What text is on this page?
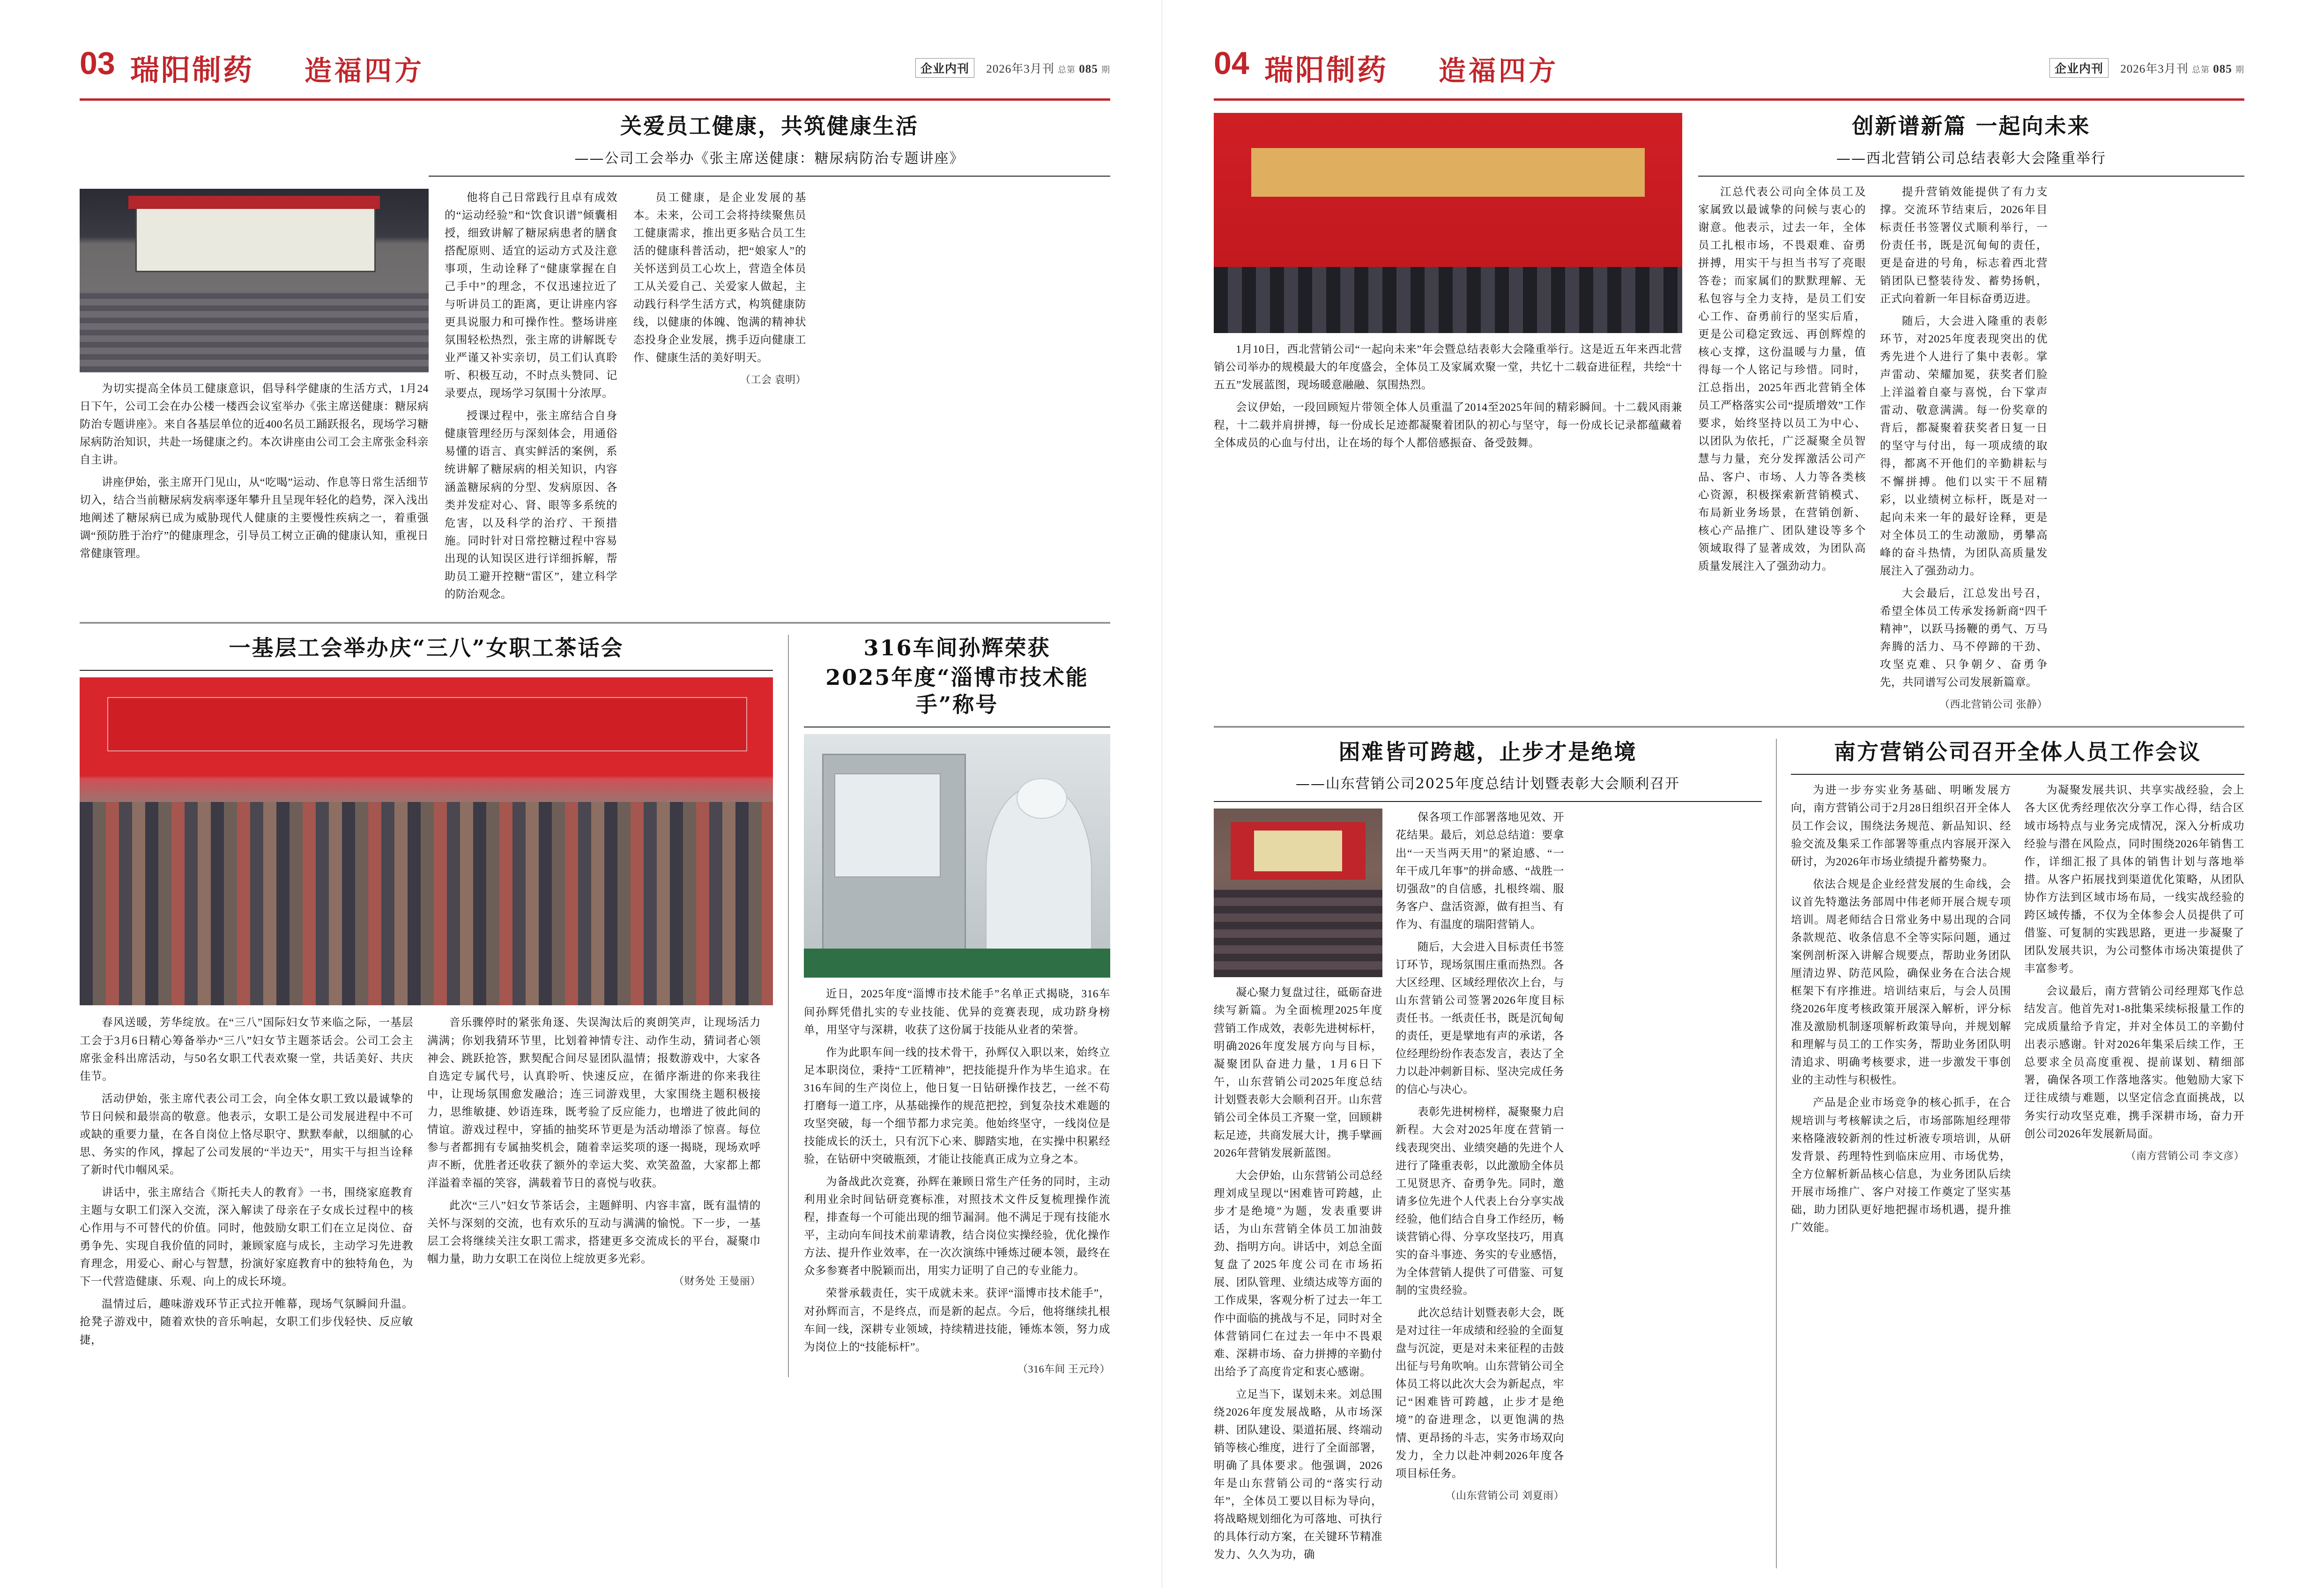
03 瑞阳制药 造福四方	企业内刊 2026年3月刊 总第 085 期
关爱员工健康，共筑健康生活
——公司工会举办《张主席送健康：糖尿病防治专题讲座》

为切实提高全体员工健康意识，倡导科学健康的生活方式，1月24日下午，公司工会在办公楼一楼西会议室举办《张主席送健康：糖尿病防治专题讲座》。来自各基层单位的近400名员工踊跃报名，现场学习糖尿病防治知识，共赴一场健康之约。本次讲座由公司工会主席张金科亲自主讲。

讲座伊始，张主席开门见山，从“吃喝”运动、作息等日常生活细节切入，结合当前糖尿病发病率逐年攀升且呈现年轻化的趋势，深入浅出地阐述了糖尿病已成为威胁现代人健康的主要慢性疾病之一，着重强调“预防胜于治疗”的健康理念，引导员工树立正确的健康认知，重视日常健康管理。

他将自己日常践行且卓有成效的“运动经验”和“饮食识谱”倾囊相授，细致讲解了糖尿病患者的膳食搭配原则、适宜的运动方式及注意事项，生动诠释了“健康掌握在自己手中”的理念，不仅迅速拉近了与听讲员工的距离，更让讲座内容更具说服力和可操作性。整场讲座氛围轻松热烈，张主席的讲解既专业严谨又补实亲切，员工们认真聆听、积极互动，不时点头赞同、记录要点，现场学习氛围十分浓厚。

授课过程中，张主席结合自身健康管理经历与深刻体会，用通俗易懂的语言、真实鲜活的案例，系统讲解了糖尿病的相关知识，内容涵盖糖尿病的分型、发病原因、各类并发症对心、肾、眼等多系统的危害，以及科学的治疗、干预措施。同时针对日常控糖过程中容易出现的认知误区进行详细拆解，帮助员工避开控糖“雷区”，建立科学的防治观念。

员工健康，是企业发展的基本。未来，公司工会将持续聚焦员工健康需求，推出更多贴合员工生活的健康科普活动，把“娘家人”的关怀送到员工心坎上，营造全体员工从关爱自己、关爱家人做起，主动践行科学生活方式，构筑健康防线，以健康的体魄、饱满的精神状态投身企业发展，携手迈向健康工作、健康生活的美好明天。

（工会 袁明）
一基层工会举办庆“三八”女职工茶话会

春风送暖，芳华绽放。在“三八”国际妇女节来临之际，一基层工会于3月6日精心筹备举办“三八”妇女节主题茶话会。公司工会主席张金科出席活动，与50名女职工代表欢聚一堂，共话美好、共庆佳节。

活动伊始，张主席代表公司工会，向全体女职工致以最诚挚的节日问候和最崇高的敬意。他表示，女职工是公司发展进程中不可或缺的重要力量，在各自岗位上恪尽职守、默默奉献，以细腻的心思、务实的作风，撑起了公司发展的“半边天”，用实干与担当诠释了新时代巾帼风采。

讲话中，张主席结合《斯托夫人的教育》一书，围绕家庭教育主题与女职工们深入交流，深入解读了母亲在子女成长过程中的核心作用与不可替代的价值。同时，他鼓励女职工们在立足岗位、奋勇争先、实现自我价值的同时，兼顾家庭与成长，主动学习先进教育理念，用爱心、耐心与智慧，扮演好家庭教育中的独特角色，为下一代营造健康、乐观、向上的成长环境。

温情过后，趣味游戏环节正式拉开帷幕，现场气氛瞬间升温。抢凳子游戏中，随着欢快的音乐响起，女职工们步伐轻快、反应敏捷，

音乐骤停时的紧张角逐、失误淘汰后的爽朗笑声，让现场活力满满；你划我猜环节里，比划着神情专注、动作生动，猜词者心领神会、跳跃抢答，默契配合间尽显团队温情；报数游戏中，大家各自选定专属代号，认真聆听、快速反应，在循序渐进的你来我往中，让现场氛围愈发融洽；连三词游戏里，大家围绕主题积极接力，思维敏捷、妙语连珠，既考验了反应能力，也增进了彼此间的情谊。游戏过程中，穿插的抽奖环节更是为活动增添了惊喜。每位参与者都拥有专属抽奖机会，随着幸运奖项的逐一揭晓，现场欢呼声不断，优胜者还收获了额外的幸运大奖、欢笑盈盈，大家都上都洋溢着幸福的笑容，满载着节日的喜悦与收获。

此次“三八”妇女节茶话会，主题鲜明、内容丰富，既有温情的关怀与深刻的交流，也有欢乐的互动与满满的愉悦。下一步，一基层工会将继续关注女职工需求，搭建更多交流成长的平台，凝聚巾帼力量，助力女职工在岗位上绽放更多光彩。

（财务处 王曼丽）
316车间孙辉荣获
2025年度“淄博市技术能手”称号

近日，2025年度“淄博市技术能手”名单正式揭晓，316车间孙辉凭借扎实的专业技能、优异的竞赛表现，成功跻身榜单，用坚守与深耕，收获了这份属于技能从业者的荣誉。

作为此职车间一线的技术骨干，孙辉仅入职以来，始终立足本职岗位，秉持“工匠精神”，把技能提升作为毕生追求。在316车间的生产岗位上，他日复一日钻研操作技艺，一丝不苟打磨每一道工序，从基础操作的规范把控，到复杂技术难题的攻坚突破，每一个细节都力求完美。他始终坚守，一线岗位是技能成长的沃土，只有沉下心来、脚踏实地，在实操中积累经验，在钻研中突破瓶颈，才能让技能真正成为立身之本。

为备战此次竞赛，孙辉在兼顾日常生产任务的同时，主动利用业余时间钻研竞赛标准，对照技术文件反复梳理操作流程，排查每一个可能出现的细节漏洞。他不满足于现有技能水平，主动向车间技术前辈请教，结合岗位实操经验，优化操作方法、提升作业效率，在一次次演练中锤炼过硬本领，最终在众多参赛者中脱颖而出，用实力证明了自己的专业能力。

荣誉承载责任，实干成就未来。获评“淄博市技术能手”，对孙辉而言，不是终点，而是新的起点。今后，他将继续扎根车间一线，深耕专业领域，持续精进技能，锤炼本领，努力成为岗位上的“技能标杆”。

（316车间 王元玲）
04 瑞阳制药 造福四方	企业内刊 2026年3月刊 总第 085 期

1月10日，西北营销公司“一起向未来”年会暨总结表彰大会隆重举行。这是近五年来西北营销公司举办的规模最大的年度盛会，全体员工及家属欢聚一堂，共忆十二载奋进征程，共绘“十五五”发展蓝图，现场暖意融融、氛围热烈。

会议伊始，一段回顾短片带领全体人员重温了2014至2025年间的精彩瞬间。十二载风雨兼程，十二载并肩拼搏，每一份成长足迹都凝聚着团队的初心与坚守，每一份成长记录都蕴藏着全体成员的心血与付出，让在场的每个人都倍感振奋、备受鼓舞。

创新谱新篇 一起向未来
——西北营销公司总结表彰大会隆重举行

江总代表公司向全体员工及家属致以最诚挚的问候与衷心的谢意。他表示，过去一年，全体员工扎根市场，不畏艰难、奋勇拼搏，用实干与担当书写了亮眼答卷；而家属们的默默理解、无私包容与全力支持，是员工们安心工作、奋勇前行的坚实后盾，更是公司稳定致远、再创辉煌的核心支撑，这份温暖与力量，值得每一个人铭记与珍惜。同时，江总指出，2025年西北营销全体员工严格落实公司“提质增效”工作要求，始终坚持以员工为中心、以团队为依托，广泛凝聚全员智慧与力量，充分发挥激活公司产品、客户、市场、人力等各类核心资源，积极探索新营销模式、布局新业务场景，在营销创新、核心产品推广、团队建设等多个领域取得了显著成效，为团队高质量发展注入了强劲动力。

提升营销效能提供了有力支撑。交流环节结束后，2026年目标责任书签署仪式顺利举行，一份责任书，既是沉甸甸的责任，更是奋进的号角，标志着西北营销团队已整装待发、蓄势扬帆，正式向着新一年目标奋勇迈进。

随后，大会进入隆重的表彰环节，对2025年度表现突出的优秀先进个人进行了集中表彰。掌声雷动、荣耀加冕，获奖者们脸上洋溢着自豪与喜悦，台下掌声雷动、敬意满满。每一份奖章的背后，都凝聚着获奖者日复一日的坚守与付出，每一项成绩的取得，都离不开他们的辛勤耕耘与不懈拼搏。他们以实干不屈精彩，以业绩树立标杆，既是对一起向未来一年的最好诠释，更是对全体员工的生动激励，勇攀高峰的奋斗热情，为团队高质量发展注入了强劲动力。

大会最后，江总发出号召，希望全体员工传承发扬新商“四千精神”，以跃马扬鞭的勇气、万马奔腾的活力、马不停蹄的干劲、攻坚克难、只争朝夕、奋勇争先，共同谱写公司发展新篇章。

（西北营销公司 张静）
困难皆可跨越，止步才是绝境
——山东营销公司2025年度总结计划暨表彰大会顺利召开

凝心聚力复盘过往，砥砺奋进续写新篇。为全面梳理2025年度营销工作成效，表彰先进树标杆，明确2026年度发展方向与目标，凝聚团队奋进力量，1月6日下午，山东营销公司2025年度总结计划暨表彰大会顺利召开。山东营销公司全体员工齐聚一堂，回顾耕耘足迹，共商发展大计，携手擘画2026年营销发展新蓝图。

大会伊始，山东营销公司总经理刘成呈现以“困难皆可跨越，止步才是绝境”为题，发表重要讲话，为山东营销全体员工加油鼓劲、指明方向。讲话中，刘总全面复盘了2025年度公司在市场拓展、团队管理、业绩达成等方面的工作成果，客观分析了过去一年工作中面临的挑战与不足，同时对全体营销同仁在过去一年中不畏艰难、深耕市场、奋力拼搏的辛勤付出给予了高度肯定和衷心感谢。

立足当下，谋划未来。刘总围绕2026年度发展战略，从市场深耕、团队建设、渠道拓展、终端动销等核心维度，进行了全面部署，明确了具体要求。他强调，2026年是山东营销公司的“落实行动年”，全体员工要以目标为导向，将战略规划细化为可落地、可执行的具体行动方案，在关键环节精准发力、久久为功，确

保各项工作部署落地见效、开花结果。最后，刘总总结道：要拿出“一天当两天用”的紧迫感、“一年干成几年事”的拼命感、“战胜一切强敌”的自信感，扎根终端、服务客户、盘活资源，做有担当、有作为、有温度的瑞阳营销人。

随后，大会进入目标责任书签订环节，现场氛围庄重而热烈。各大区经理、区域经理依次上台，与山东营销公司签署2026年度目标责任书。一纸责任书，既是沉甸甸的责任，更是擘地有声的承诺，各位经理纷纷作表态发言，表达了全力以赴冲刺新目标、坚决完成任务的信心与决心。

表彰先进树榜样，凝聚聚力启新程。大会对2025年度在营销一线表现突出、业绩突趟的先进个人进行了隆重表彰，以此激励全体员工见贤思齐、奋勇争先。同时，邀请多位先进个人代表上台分享实战经验，他们结合自身工作经历，畅谈营销心得、分享攻坚技巧，用真实的奋斗事迹、务实的专业感悟，为全体营销人提供了可借鉴、可复制的宝贵经验。

此次总结计划暨表彰大会，既是对过往一年成绩和经验的全面复盘与沉淀，更是对未来征程的击鼓出征与号角吹响。山东营销公司全体员工将以此次大会为新起点，牢记“困难皆可跨越，止步才是绝境”的奋进理念，以更饱满的热情、更昂扬的斗志，实务市场双向发力，全力以赴冲刺2026年度各项目标任务。

（山东营销公司 刘夏雨）
南方营销公司召开全体人员工作会议

为进一步夯实业务基础、明晰发展方向，南方营销公司于2月28日组织召开全体人员工作会议，围绕法务规范、新品知识、经验交流及集采工作部署等重点内容展开深入研讨，为2026年市场业绩提升蓄势聚力。

依法合规是企业经营发展的生命线，会议首先特邀法务部周中伟老师开展合规专项培训。周老师结合日常业务中易出现的合同条款规范、收条信息不全等实际问题，通过案例剖析深入讲解合规要点，帮助业务团队厘清边界、防范风险，确保业务在合法合规框架下有序推进。培训结束后，与会人员围绕2026年度考核政策开展深入解析，评分标准及激励机制逐项解析政策导向，并规划解和理解与员工的工作实务，帮助业务团队明清追求、明确考核要求，进一步激发干事创业的主动性与积极性。

产品是企业市场竞争的核心抓手，在合规培训与考核解读之后，市场部陈旭经理带来格隆液较新剂的性过析液专项培训，从研发背景、药理特性到临床应用、市场优势，全方位解析新品核心信息，为业务团队后续开展市场推广、客户对接工作奠定了坚实基础，助力团队更好地把握市场机遇，提升推广效能。

为凝聚发展共识、共享实战经验，会上各大区优秀经理依次分享工作心得，结合区域市场特点与业务完成情况，深入分析成功经验与潜在风险点，同时围绕2026年销售工作，详细汇报了具体的销售计划与落地举措。从客户拓展找到渠道优化策略，从团队协作方法到区域市场布局，一线实战经验的跨区域传播，不仅为全体参会人员提供了可借鉴、可复制的实践思路，更进一步凝聚了团队发展共识，为公司整体市场决策提供了丰富参考。

会议最后，南方营销公司经理郑飞作总结发言。他首先对1-8批集采续标报量工作的完成质量给予肯定，并对全体员工的辛勤付出表示感谢。针对2026年集采后续工作，王总要求全员高度重视、提前谋划、精细部署，确保各项工作落地落实。他勉励大家下迂往成绩与难题，以坚定信念直面挑战，以务实行动攻坚克难，携手深耕市场，奋力开创公司2026年发展新局面。

（南方营销公司 李文彦）
